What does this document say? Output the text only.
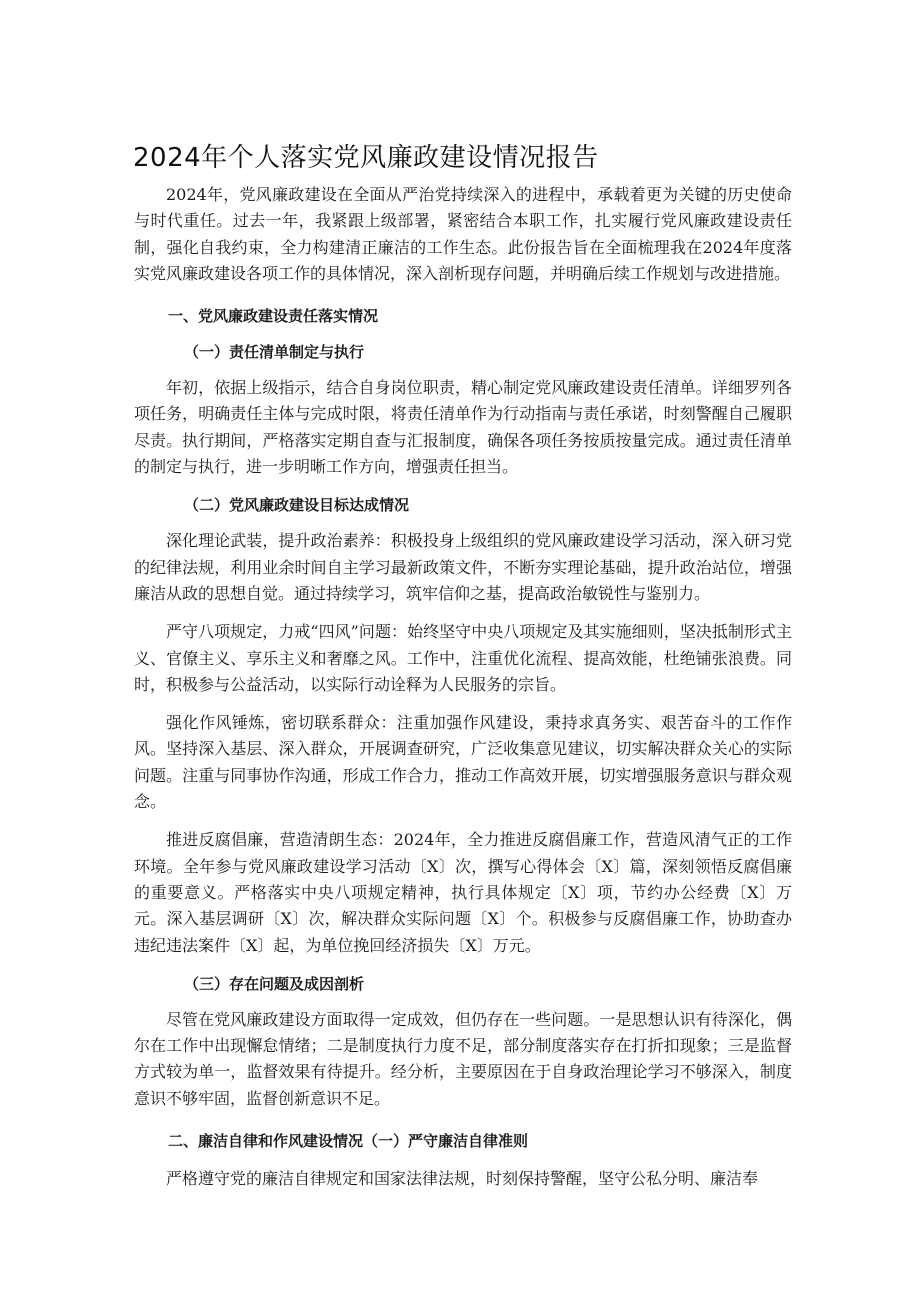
2024年个人落实党风廉政建设情况报告

2024年，党风廉政建设在全面从严治党持续深入的进程中，承载着更为关键的历史使命与时代重任。过去一年，我紧跟上级部署，紧密结合本职工作，扎实履行党风廉政建设责任制，强化自我约束，全力构建清正廉洁的工作生态。此份报告旨在全面梳理我在2024年度落实党风廉政建设各项工作的具体情况，深入剖析现存问题，并明确后续工作规划与改进措施。

一、党风廉政建设责任落实情况
（一）责任清单制定与执行

年初，依据上级指示，结合自身岗位职责，精心制定党风廉政建设责任清单。详细罗列各项任务，明确责任主体与完成时限，将责任清单作为行动指南与责任承诺，时刻警醒自己履职尽责。执行期间，严格落实定期自查与汇报制度，确保各项任务按质按量完成。通过责任清单的制定与执行，进一步明晰工作方向，增强责任担当。

（二）党风廉政建设目标达成情况

深化理论武装，提升政治素养：积极投身上级组织的党风廉政建设学习活动，深入研习党的纪律法规，利用业余时间自主学习最新政策文件，不断夯实理论基础，提升政治站位，增强廉洁从政的思想自觉。通过持续学习，筑牢信仰之基，提高政治敏锐性与鉴别力。

严守八项规定，力戒“四风”问题：始终坚守中央八项规定及其实施细则，坚决抵制形式主义、官僚主义、享乐主义和奢靡之风。工作中，注重优化流程、提高效能，杜绝铺张浪费。同时，积极参与公益活动，以实际行动诠释为人民服务的宗旨。

强化作风锤炼，密切联系群众：注重加强作风建设，秉持求真务实、艰苦奋斗的工作作风。坚持深入基层、深入群众，开展调查研究，广泛收集意见建议，切实解决群众关心的实际问题。注重与同事协作沟通，形成工作合力，推动工作高效开展，切实增强服务意识与群众观念。

推进反腐倡廉，营造清朗生态：2024年，全力推进反腐倡廉工作，营造风清气正的工作环境。全年参与党风廉政建设学习活动〔X〕次，撰写心得体会〔X〕篇，深刻领悟反腐倡廉的重要意义。严格落实中央八项规定精神，执行具体规定〔X〕项，节约办公经费〔X〕万元。深入基层调研〔X〕次，解决群众实际问题〔X〕个。积极参与反腐倡廉工作，协助查办违纪违法案件〔X〕起，为单位挽回经济损失〔X〕万元。

（三）存在问题及成因剖析

尽管在党风廉政建设方面取得一定成效，但仍存在一些问题。一是思想认识有待深化，偶尔在工作中出现懈怠情绪；二是制度执行力度不足，部分制度落实存在打折扣现象；三是监督方式较为单一，监督效果有待提升。经分析，主要原因在于自身政治理论学习不够深入，制度意识不够牢固，监督创新意识不足。

二、廉洁自律和作风建设情况（一）严守廉洁自律准则

严格遵守党的廉洁自律规定和国家法律法规，时刻保持警醒，坚守公私分明、廉洁奉
